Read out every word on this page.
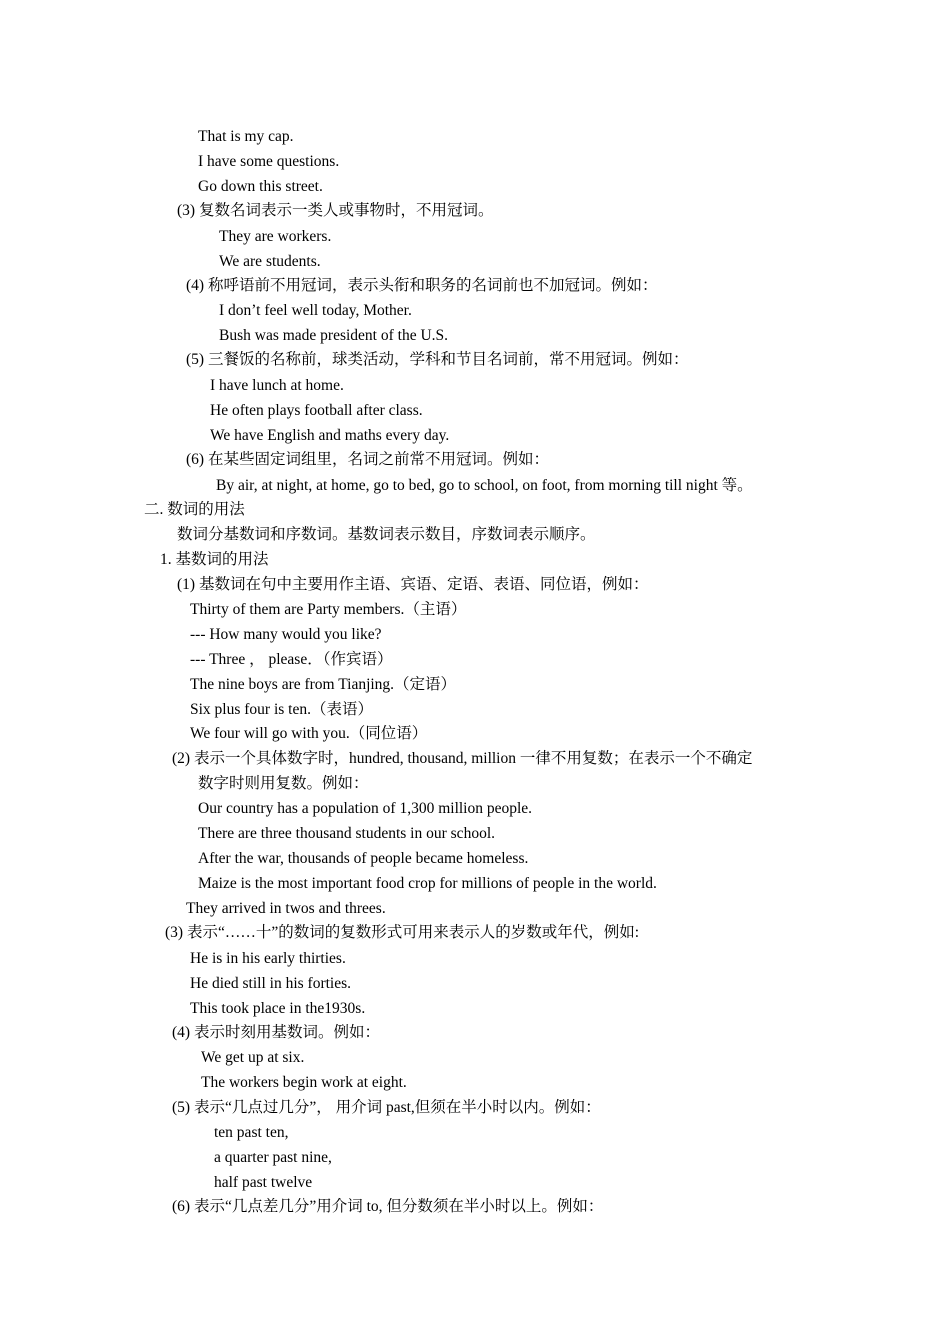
That is my cap.
I have some questions.
Go down this street.
(3) 复数名词表示一类人或事物时，不用冠词。
They are workers.
We are students.
(4) 称呼语前不用冠词，表示头衔和职务的名词前也不加冠词。例如：
I don’t feel well today, Mother.
Bush was made president of the U.S.
(5) 三餐饭的名称前，球类活动，学科和节目名词前，常不用冠词。例如：
I have lunch at home.
He often plays football after class.
We have English and maths every day.
(6) 在某些固定词组里，名词之前常不用冠词。例如：
By air, at night, at home, go to bed, go to school, on foot, from morning till night 等。
二. 数词的用法
数词分基数词和序数词。基数词表示数目，序数词表示顺序。
1. 基数词的用法
(1) 基数词在句中主要用作主语、宾语、定语、表语、同位语，例如：
Thirty of them are Party members.（主语）
--- How many would you like?
--- Three ， please．（作宾语）
The nine boys are from Tianjing.（定语）
Six plus four is ten.（表语）
We four will go with you.（同位语）
(2) 表示一个具体数字时，hundred, thousand, million 一律不用复数；在表示一个不确定
数字时则用复数。例如：
Our country has a population of 1,300 million people.
There are three thousand students in our school.
After the war, thousands of people became homeless.
Maize is the most important food crop for millions of people in the world.
They arrived in twos and threes.
(3) 表示“……十”的数词的复数形式可用来表示人的岁数或年代，例如:
He is in his early thirties.
He died still in his forties.
This took place in the1930s.
(4) 表示时刻用基数词。例如：
We get up at six.
The workers begin work at eight.
(5) 表示“几点过几分”， 用介词 past,但须在半小时以内。例如：
ten past ten,
a quarter past nine,
half past twelve
(6) 表示“几点差几分”用介词 to, 但分数须在半小时以上。例如：
